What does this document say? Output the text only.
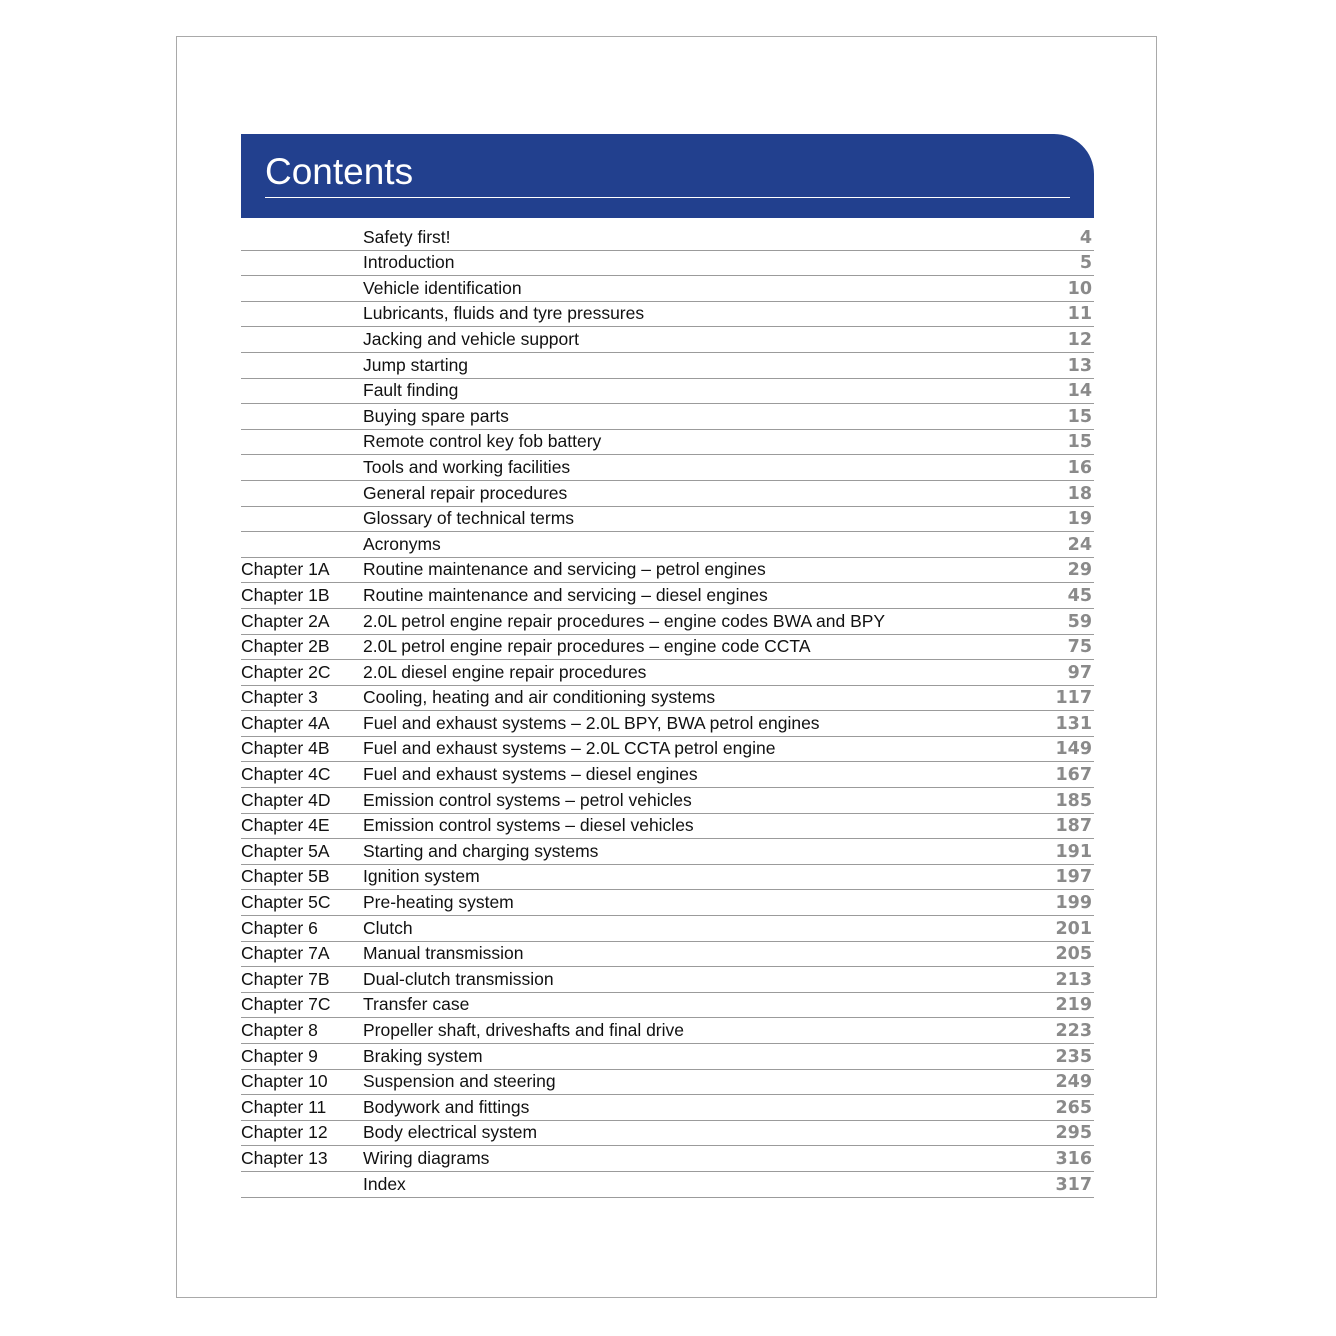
Contents
Safety first!	4
Introduction	5
Vehicle identification	10
Lubricants, fluids and tyre pressures	11
Jacking and vehicle support	12
Jump starting	13
Fault finding	14
Buying spare parts	15
Remote control key fob battery	15
Tools and working facilities	16
General repair procedures	18
Glossary of technical terms	19
Acronyms	24
Chapter 1A Routine maintenance and servicing – petrol engines	29
Chapter 1B Routine maintenance and servicing – diesel engines	45
Chapter 2A 2.0L petrol engine repair procedures – engine codes BWA and BPY	59
Chapter 2B 2.0L petrol engine repair procedures – engine code CCTA	75
Chapter 2C 2.0L diesel engine repair procedures	97
Chapter 3	Cooling, heating and air conditioning systems	117
Chapter 4A Fuel and exhaust systems – 2.0L BPY, BWA petrol engines	131
Chapter 4B Fuel and exhaust systems – 2.0L CCTA petrol engine	149
Chapter 4C Fuel and exhaust systems – diesel engines	167
Chapter 4D Emission control systems – petrol vehicles	185
Chapter 4E Emission control systems – diesel vehicles	187
Chapter 5A Starting and charging systems	191
Chapter 5B Ignition system	197
Chapter 5C Pre-heating system	199
Chapter 6	Clutch	201
Chapter 7A Manual transmission	205
Chapter 7B Dual-clutch transmission	213
Chapter 7C Transfer case	219
Chapter 8	Propeller shaft, driveshafts and final drive	223
Chapter 9	Braking system	235
Chapter 10 Suspension and steering	249
Chapter 11 Bodywork and fittings	265
Chapter 12 Body electrical system	295
Chapter 13 Wiring diagrams	316
Index	317
